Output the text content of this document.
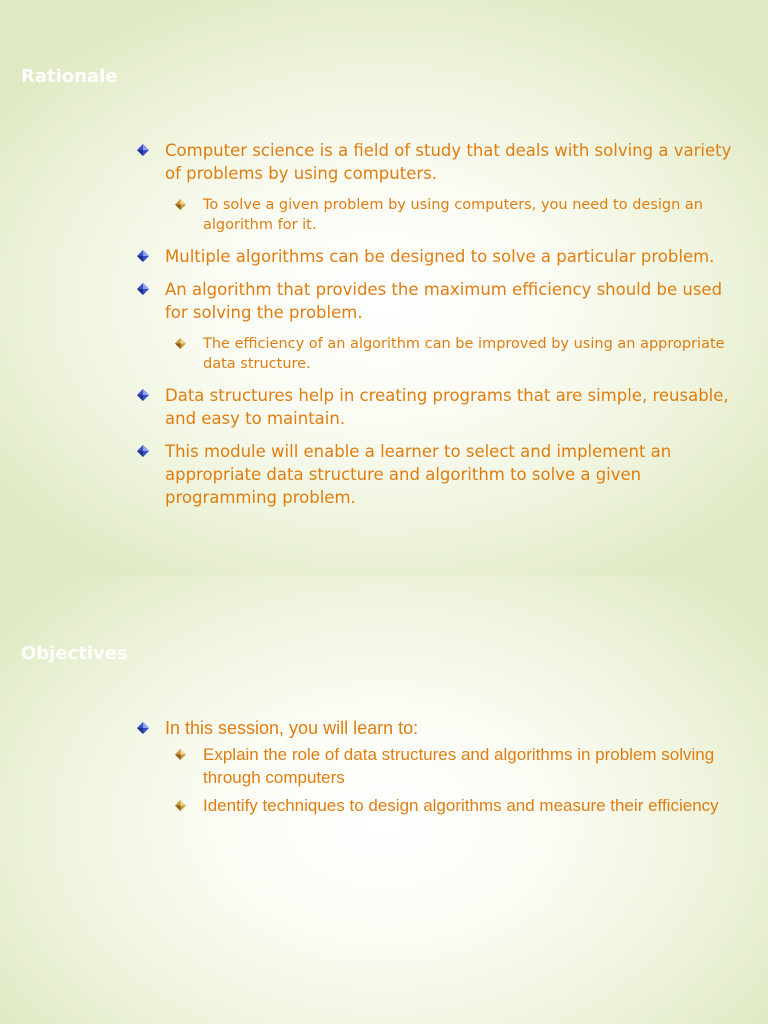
Rationale
Computer science is a field of study that deals with solving a variety of problems by using computers.
To solve a given problem by using computers, you need to design an algorithm for it.
Multiple algorithms can be designed to solve a particular problem.
An algorithm that provides the maximum efficiency should be used for solving the problem.
The efficiency of an algorithm can be improved by using an appropriate data structure.
Data structures help in creating programs that are simple, reusable, and easy to maintain.
This module will enable a learner to select and implement an appropriate data structure and algorithm to solve a given programming problem.
Objectives
In this session, you will learn to:
Explain the role of data structures and algorithms in problem solving through computers
Identify techniques to design algorithms and measure their efficiency
